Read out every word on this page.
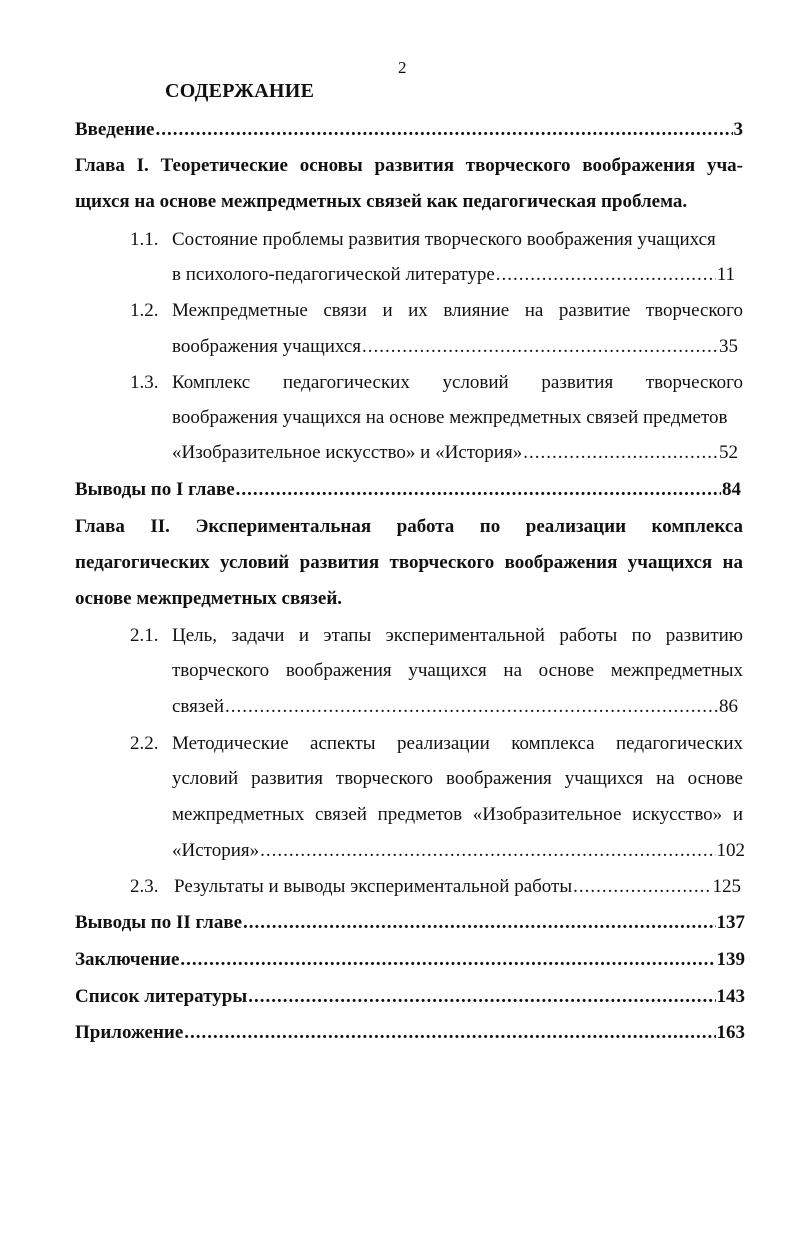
2
СОДЕРЖАНИЕ
Введение .....	3
Глава I. Теоретические основы развития творческого воображения уча-
щихся на основе межпредметных связей как педагогическая проблема.
1.1. Состояние проблемы развития творческого воображения учащихся
в психолого-педагогической литературе .....	11
1.2. Межпредметные связи и их влияние на развитие творческого
воображения учащихся .....	35
1.3. Комплекс педагогических условий развития творческого
воображения учащихся на основе межпредметных связей предметов
«Изобразительное искусство» и «История» .....	52
Выводы по I главе .....	84
Глава II. Экспериментальная работа по реализации комплекса
педагогических условий развития творческого воображения учащихся на
основе межпредметных связей.
2.1. Цель, задачи и этапы экспериментальной работы по развитию
творческого воображения учащихся на основе межпредметных
связей .....	86
2.2. Методические аспекты реализации комплекса педагогических
условий развития творческого воображения учащихся на основе
межпредметных связей предметов «Изобразительное искусство» и
«История» .....	102
2.3. Результаты и выводы экспериментальной работы .....	125
Выводы по II главе .....	137
Заключение .....	139
Список литературы .....	143
Приложение .....	163
